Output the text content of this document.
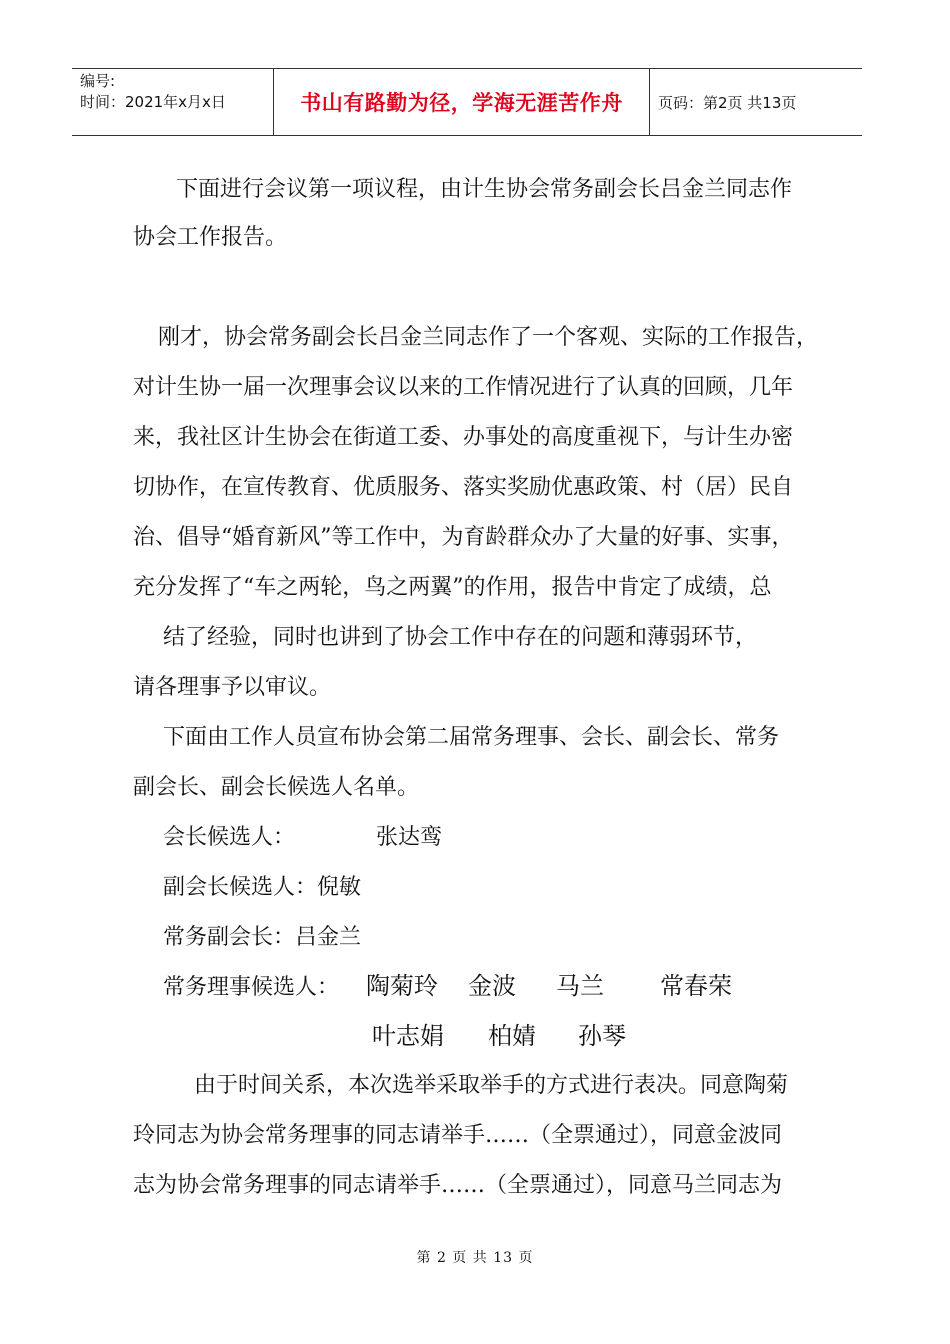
编号:
时间：2021年x月x日	书山有路勤为径，学海无涯苦作舟	页码：第2页 共13页
下面进行会议第一项议程，由计生协会常务副会长吕金兰同志作
协会工作报告。
刚才，协会常务副会长吕金兰同志作了一个客观、实际的工作报告，
对计生协一届一次理事会议以来的工作情况进行了认真的回顾，几年
来，我社区计生协会在街道工委、办事处的高度重视下，与计生办密
切协作，在宣传教育、优质服务、落实奖励优惠政策、村（居）民自
治、倡导“婚育新风”等工作中，为育龄群众办了大量的好事、实事，
充分发挥了“车之两轮，鸟之两翼”的作用，报告中肯定了成绩，总
结了经验，同时也讲到了协会工作中存在的问题和薄弱环节，
请各理事予以审议。
下面由工作人员宣布协会第二届常务理事、会长、副会长、常务
副会长、副会长候选人名单。
会长候选人：	张达鸾
副会长候选人：倪敏
常务副会长：吕金兰
常务理事候选人： 陶菊玲 金波 马兰 常春荣
叶志娟 柏婧 孙琴
由于时间关系，本次选举采取举手的方式进行表决。同意陶菊
玲同志为协会常务理事的同志请举手……（全票通过），同意金波同
志为协会常务理事的同志请举手……（全票通过），同意马兰同志为
第 2 页 共 13 页
